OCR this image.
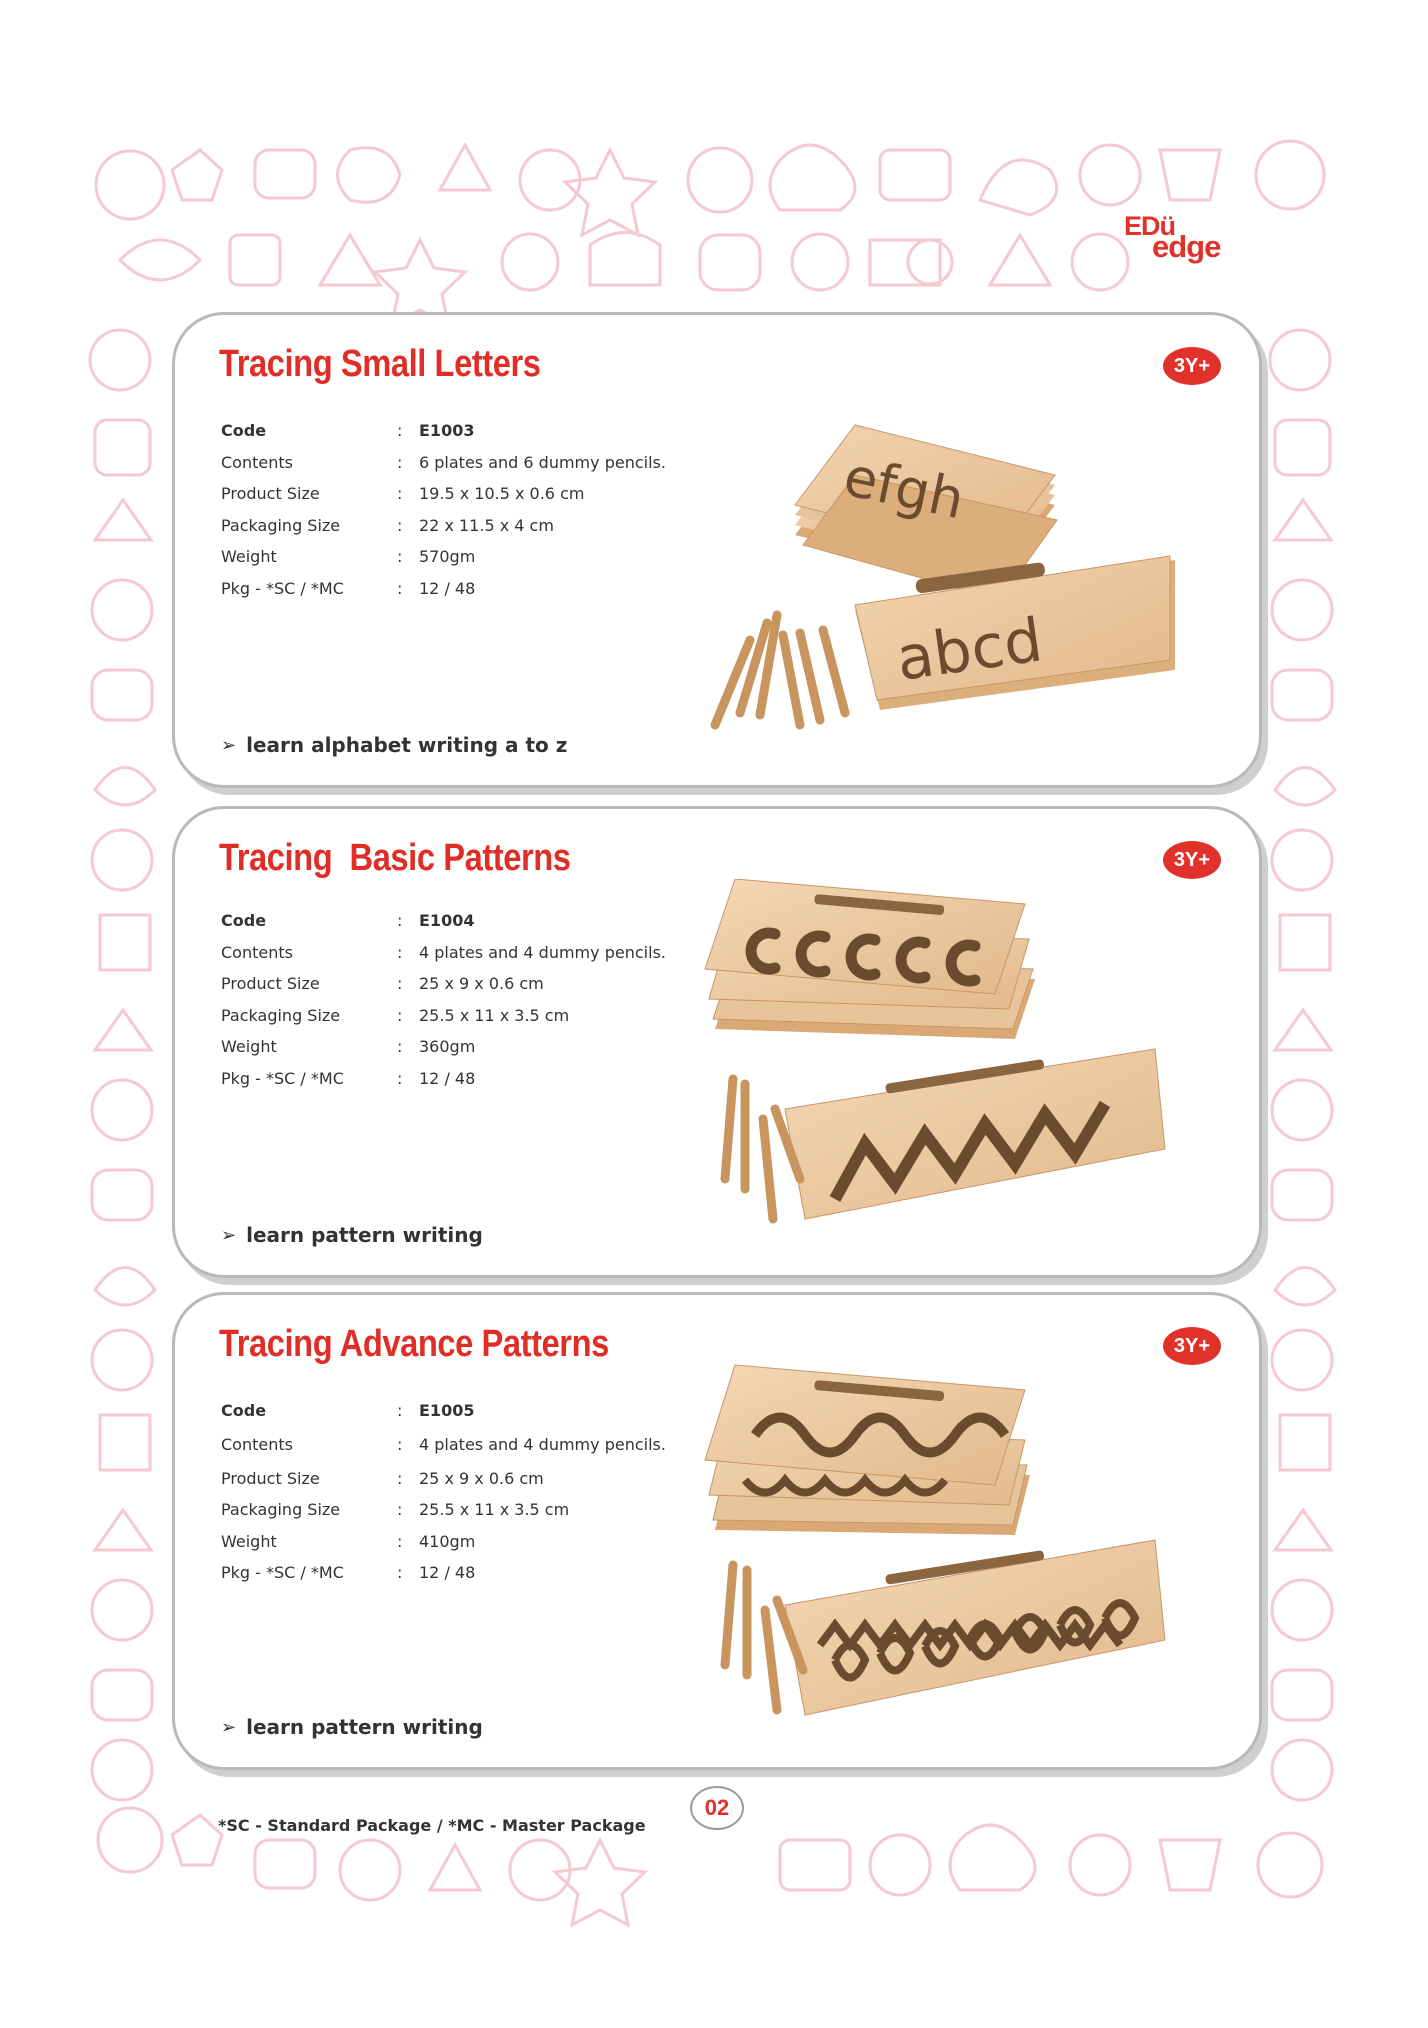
EDü
edge
Tracing Small Letters	3Y+
Code	:	E1003
Contents	:	6 plates and 6 dummy pencils.
Product Size	:	19.5 x 10.5 x 0.6 cm
Packaging Size	:	22 x 11.5 x 4 cm
Weight	:	570gm
Pkg - *SC / *MC	:	12 / 48
efgh
abcd
➢ learn alphabet writing a to z
Tracing  Basic Patterns	3Y+
Code	:	E1004
Contents	:	4 plates and 4 dummy pencils.
Product Size	:	25 x 9 x 0.6 cm
Packaging Size	:	25.5 x 11 x 3.5 cm
Weight	:	360gm
Pkg - *SC / *MC	:	12 / 48
➢ learn pattern writing
Tracing Advance Patterns	3Y+
Code	:	E1005
Contents	:	4 plates and 4 dummy pencils.
Product Size	:	25 x 9 x 0.6 cm
Packaging Size	:	25.5 x 11 x 3.5 cm
Weight	:	410gm
Pkg - *SC / *MC	:	12 / 48
➢ learn pattern writing
02
*SC - Standard Package / *MC - Master Package
